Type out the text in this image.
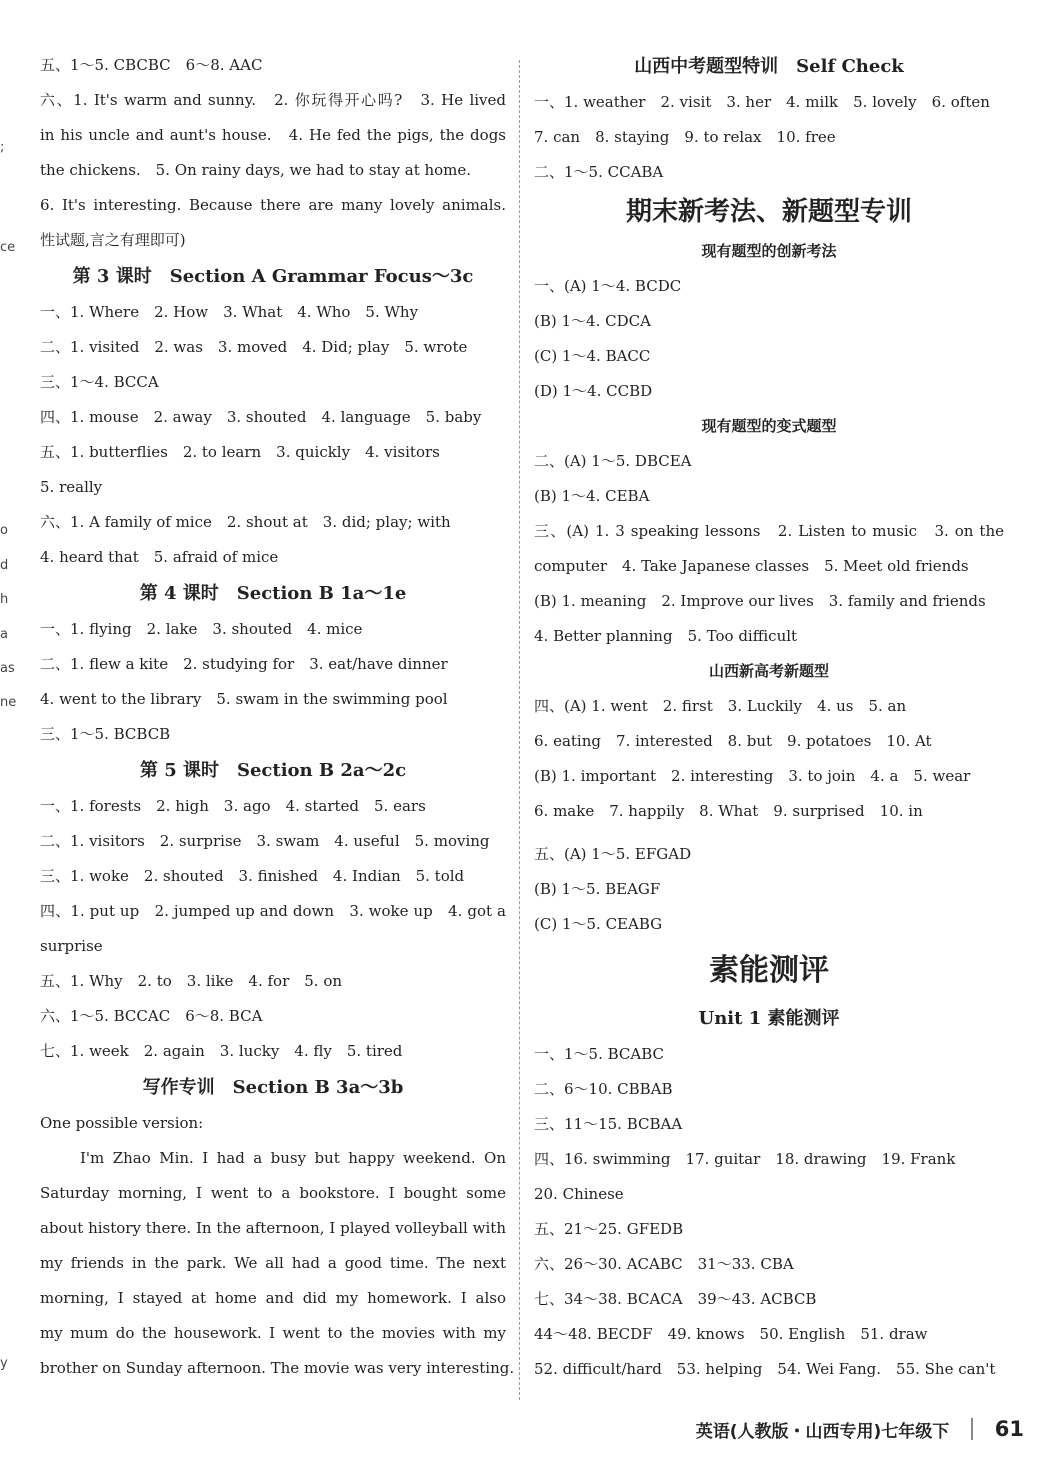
;
ce
o
d
h
a
as
ne
y
五、1～5. CBCBC　6～8. AAC
六、1. It's warm and sunny.　2. 你玩得开心吗?　3. He lived
in his uncle and aunt's house.　4. He fed the pigs, the dogs
the chickens.　5. On rainy days, we had to stay at home.
6. It's interesting. Because there are many lovely animals.
性试题,言之有理即可)
第 3 课时　Section A Grammar Focus～3c
一、1. Where　2. How　3. What　4. Who　5. Why
二、1. visited　2. was　3. moved　4. Did; play　5. wrote
三、1～4. BCCA
四、1. mouse　2. away　3. shouted　4. language　5. baby
五、1. butterflies　2. to learn　3. quickly　4. visitors
5. really
六、1. A family of mice　2. shout at　3. did; play; with
4. heard that　5. afraid of mice
第 4 课时　Section B 1a～1e
一、1. flying　2. lake　3. shouted　4. mice
二、1. flew a kite　2. studying for　3. eat/have dinner
4. went to the library　5. swam in the swimming pool
三、1～5. BCBCB
第 5 课时　Section B 2a～2c
一、1. forests　2. high　3. ago　4. started　5. ears
二、1. visitors　2. surprise　3. swam　4. useful　5. moving
三、1. woke　2. shouted　3. finished　4. Indian　5. told
四、1. put up　2. jumped up and down　3. woke up　4. got a
surprise
五、1. Why　2. to　3. like　4. for　5. on
六、1～5. BCCAC　6～8. BCA
七、1. week　2. again　3. lucky　4. fly　5. tired
写作专训　Section B 3a～3b
One possible version:
I'm Zhao Min. I had a busy but happy weekend. On
Saturday morning, I went to a bookstore. I bought some
about history there. In the afternoon, I played volleyball with
my friends in the park. We all had a good time. The next
morning, I stayed at home and did my homework. I also
my mum do the housework. I went to the movies with my
brother on Sunday afternoon. The movie was very interesting.
山西中考题型特训　Self Check
一、1. weather　2. visit　3. her　4. milk　5. lovely　6. often
7. can　8. staying　9. to relax　10. free
二、1～5. CCABA
期末新考法、新题型专训
现有题型的创新考法
一、(A) 1～4. BCDC
(B) 1～4. CDCA
(C) 1～4. BACC
(D) 1～4. CCBD
现有题型的变式题型
二、(A) 1～5. DBCEA
(B) 1～4. CEBA
三、(A) 1. 3 speaking lessons　2. Listen to music　3. on the
computer　4. Take Japanese classes　5. Meet old friends
(B) 1. meaning　2. Improve our lives　3. family and friends
4. Better planning　5. Too difficult
山西新高考新题型
四、(A) 1. went　2. first　3. Luckily　4. us　5. an
6. eating　7. interested　8. but　9. potatoes　10. At
(B) 1. important　2. interesting　3. to join　4. a　5. wear
6. make　7. happily　8. What　9. surprised　10. in
五、(A) 1～5. EFGAD
(B) 1～5. BEAGF
(C) 1～5. CEABG
素能测评
Unit 1 素能测评
一、1～5. BCABC
二、6～10. CBBAB
三、11～15. BCBAA
四、16. swimming　17. guitar　18. drawing　19. Frank
20. Chinese
五、21～25. GFEDB
六、26～30. ACABC　31～33. CBA
七、34～38. BCACA　39～43. ACBCB
44～48. BECDF　49. knows　50. English　51. draw
52. difficult/hard　53. helping　54. Wei Fang.　55. She can't
英语(人教版・山西专用)七年级下 61
